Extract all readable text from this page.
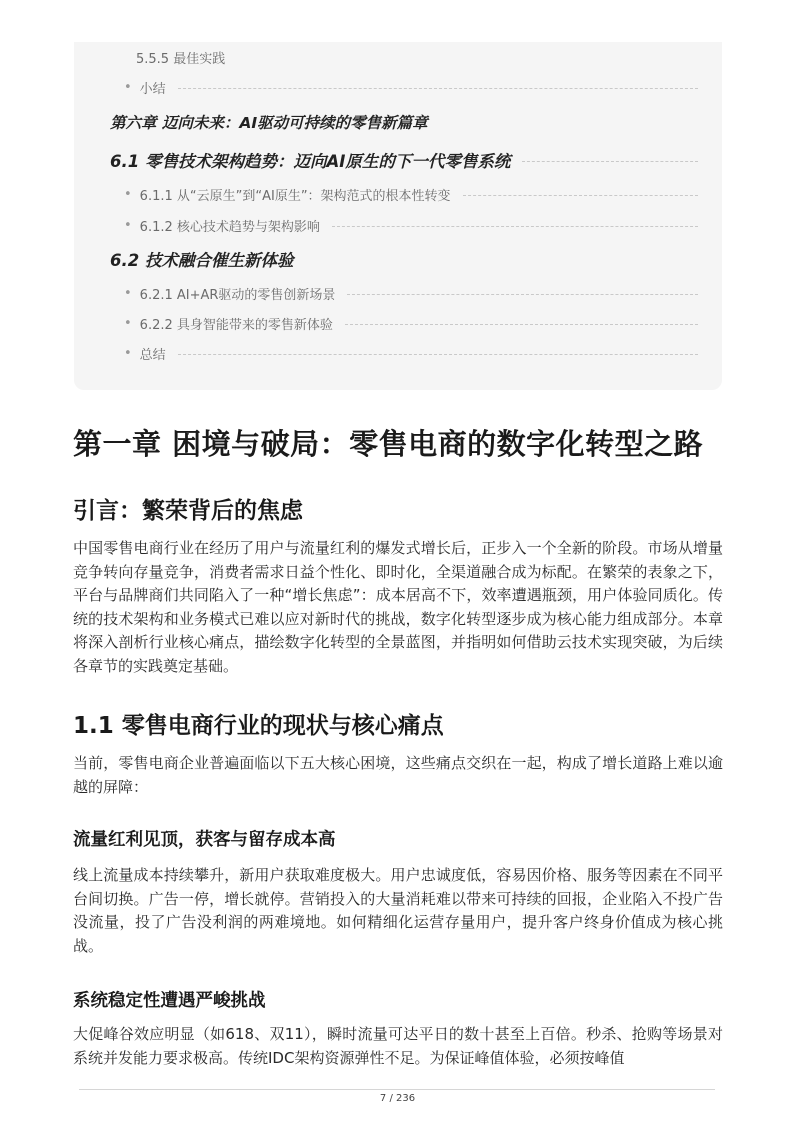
5.5.5 最佳实践
• 小结
第六章 迈向未来：AI驱动可持续的零售新篇章
6.1 零售技术架构趋势：迈向AI原生的下一代零售系统
• 6.1.1 从“云原生”到“AI原生”：架构范式的根本性转变
• 6.1.2 核心技术趋势与架构影响
6.2 技术融合催生新体验
• 6.2.1 AI+AR驱动的零售创新场景
• 6.2.2 具身智能带来的零售新体验
• 总结
第一章 困境与破局：零售电商的数字化转型之路
引言：繁荣背后的焦虑

中国零售电商行业在经历了用户与流量红利的爆发式增长后，正步入一个全新的阶段。市场从增量竞争转向存量竞争，消费者需求日益个性化、即时化，全渠道融合成为标配。在繁荣的表象之下，平台与品牌商们共同陷入了一种“增长焦虑”：成本居高不下，效率遭遇瓶颈，用户体验同质化。传统的技术架构和业务模式已难以应对新时代的挑战，数字化转型逐步成为核心能力组成部分。本章将深入剖析行业核心痛点，描绘数字化转型的全景蓝图，并指明如何借助云技术实现突破，为后续各章节的实践奠定基础。

1.1 零售电商行业的现状与核心痛点

当前，零售电商企业普遍面临以下五大核心困境，这些痛点交织在一起，构成了增长道路上难以逾越的屏障：

流量红利见顶，获客与留存成本高

线上流量成本持续攀升，新用户获取难度极大。用户忠诚度低，容易因价格、服务等因素在不同平台间切换。广告一停，增长就停。营销投入的大量消耗难以带来可持续的回报，企业陷入不投广告没流量，投了广告没利润的两难境地。如何精细化运营存量用户，提升客户终身价值成为核心挑战。

系统稳定性遭遇严峻挑战

大促峰谷效应明显（如618、双11），瞬时流量可达平日的数十甚至上百倍。秒杀、抢购等场景对系统并发能力要求极高。传统IDC架构资源弹性不足。为保证峰值体验，必须按峰值

7 / 236
